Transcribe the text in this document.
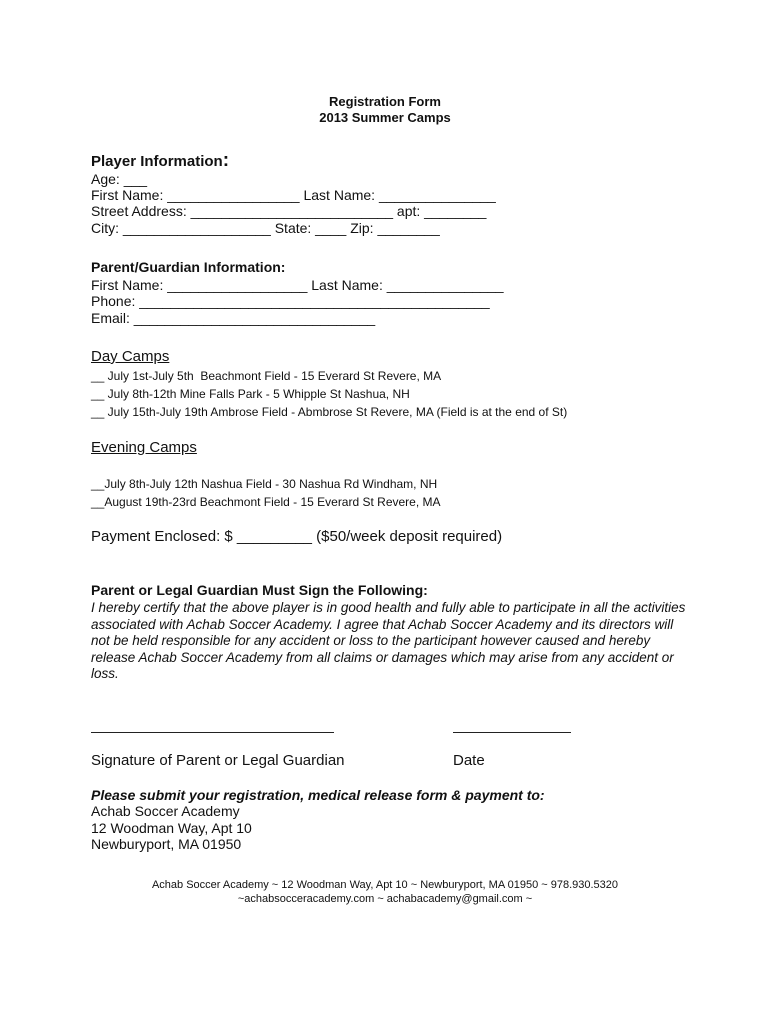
Registration Form
2013 Summer Camps
Player Information:
Age: ___
First Name: _________________ Last Name: _______________
Street Address: __________________________ apt: ________
City: ___________________ State: ____ Zip: ________
Parent/Guardian Information:
First Name: __________________ Last Name: _______________
Phone: _____________________________________________
Email: _______________________________
Day Camps
__ July 1st-July 5th  Beachmont Field - 15 Everard St Revere, MA
__ July 8th-12th Mine Falls Park - 5 Whipple St Nashua, NH
__ July 15th-July 19th Ambrose Field - Abmbrose St Revere, MA (Field is at the end of St)
Evening Camps
__July 8th-July 12th Nashua Field - 30 Nashua Rd Windham, NH
__August 19th-23rd Beachmont Field - 15 Everard St Revere, MA
Payment Enclosed: $ _________ ($50/week deposit required)
Parent or Legal Guardian Must Sign the Following:
I hereby certify that the above player is in good health and fully able to participate in all the activities associated with Achab Soccer Academy. I agree that Achab Soccer Academy and its directors will not be held responsible for any accident or loss to the participant however caused and hereby release Achab Soccer Academy from all claims or damages which may arise from any accident or loss.
Signature of Parent or Legal Guardian	Date
Please submit your registration, medical release form & payment to:
Achab Soccer Academy
12 Woodman Way, Apt 10
Newburyport, MA 01950
Achab Soccer Academy ~ 12 Woodman Way, Apt 10 ~ Newburyport, MA 01950 ~ 978.930.5320
~achabsocceracademy.com ~ achabacademy@gmail.com ~
